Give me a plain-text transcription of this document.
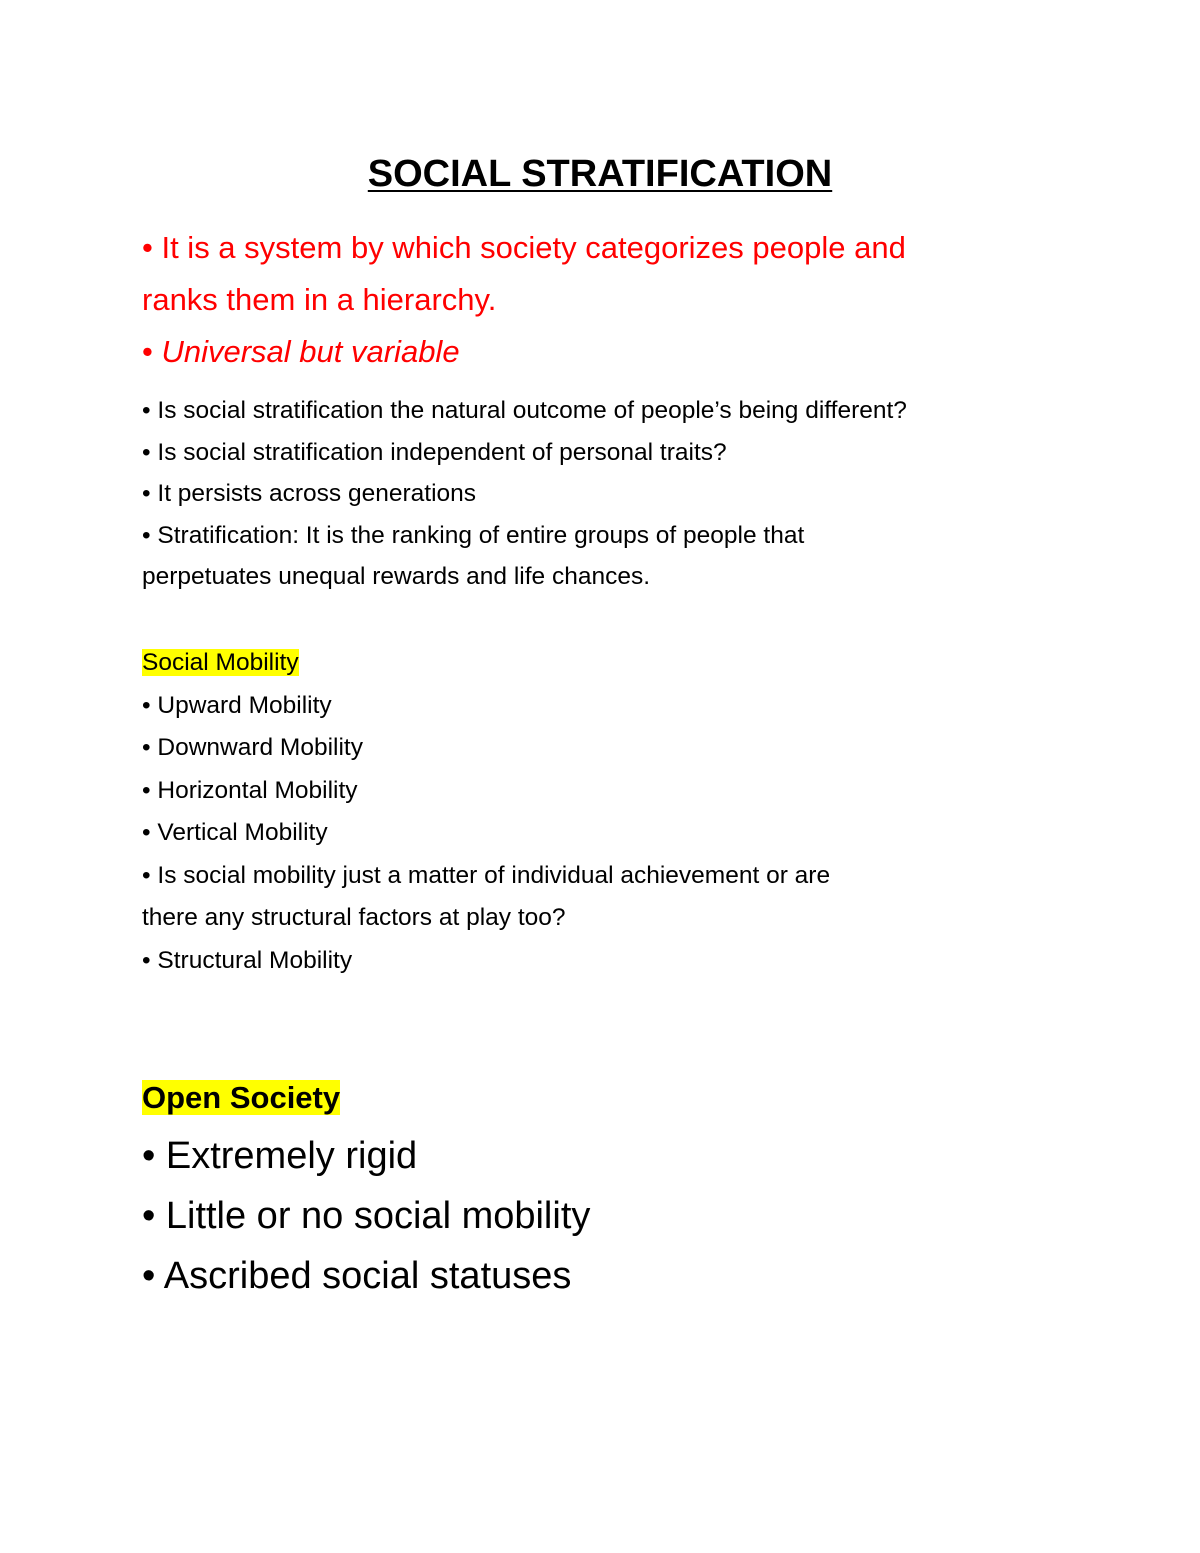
SOCIAL STRATIFICATION
• It is a system by which society categorizes people and
ranks them in a hierarchy.
• Universal but variable
• Is social stratification the natural outcome of people’s being different?
• Is social stratification independent of personal traits?
• It persists across generations
• Stratification: It is the ranking of entire groups of people that
perpetuates unequal rewards and life chances.
Social Mobility
• Upward Mobility
• Downward Mobility
• Horizontal Mobility
• Vertical Mobility
• Is social mobility just a matter of individual achievement or are
there any structural factors at play too?
• Structural Mobility
Open Society
• Extremely rigid
• Little or no social mobility
• Ascribed social statuses
